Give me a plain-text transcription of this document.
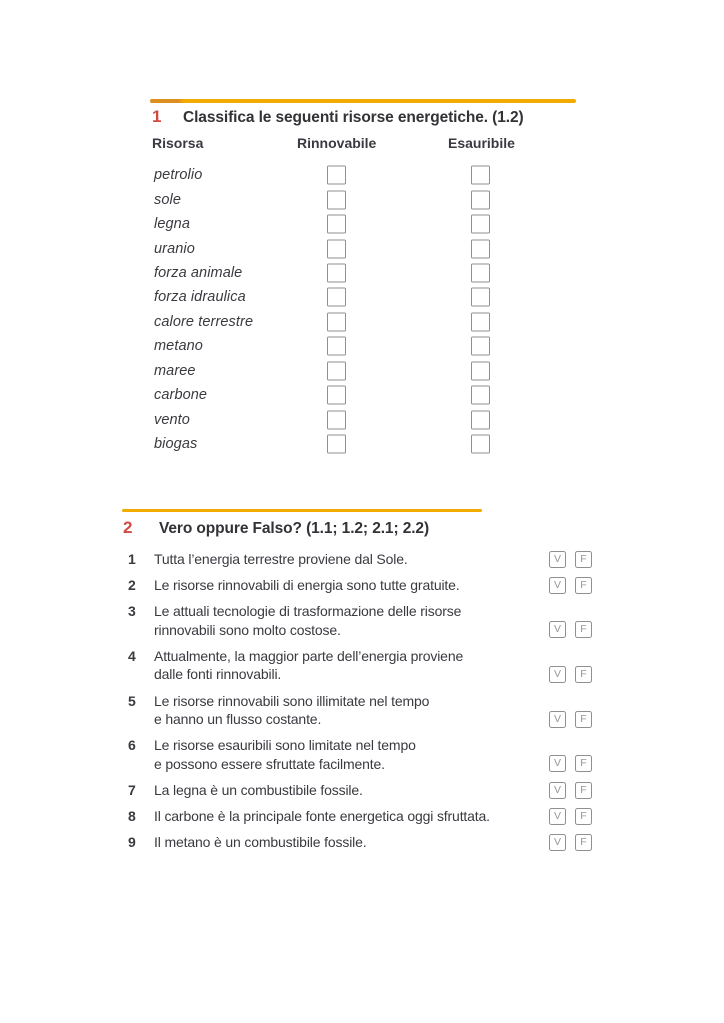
1	Classifica le seguenti risorse energetiche. (1.2)
Risorsa	Rinnovabile	Esauribile
petrolio
sole
legna
uranio
forza animale
forza idraulica
calore terrestre
metano
maree
carbone
vento
biogas
2	Vero oppure Falso? (1.1; 1.2; 2.1; 2.2)
1	Tutta l’energia terrestre proviene dal Sole.	V	F
2	Le risorse rinnovabili di energia sono tutte gratuite.	V	F
3	Le attuali tecnologie di trasformazione delle risorse
rinnovabili sono molto costose.	V	F
4	Attualmente, la maggior parte dell’energia proviene
dalle fonti rinnovabili.	V	F
5	Le risorse rinnovabili sono illimitate nel tempo
e hanno un flusso costante.	V	F
6	Le risorse esauribili sono limitate nel tempo
e possono essere sfruttate facilmente.	V	F
7	La legna è un combustibile fossile.	V	F
8	Il carbone è la principale fonte energetica oggi sfruttata.	V	F
9	Il metano è un combustibile fossile.	V	F
